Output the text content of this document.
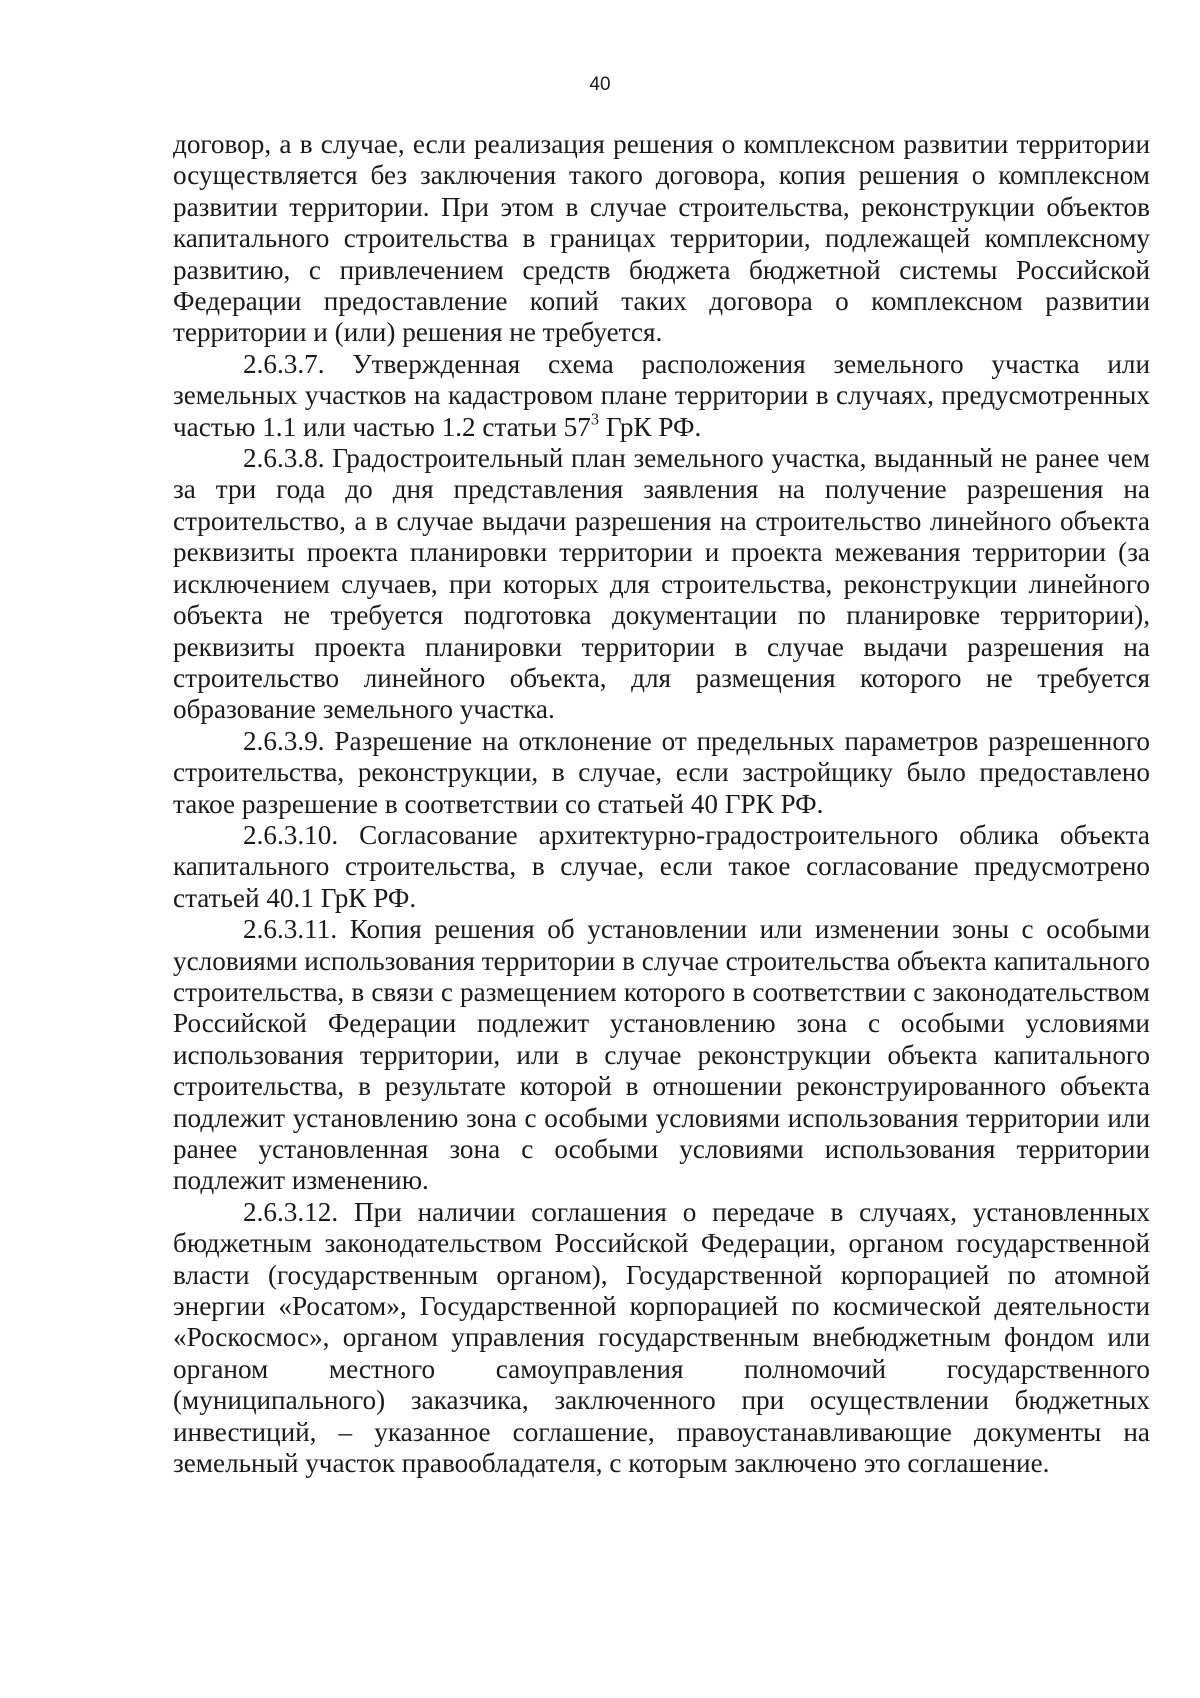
40

договор, а в случае, если реализация решения о комплексном развитии территории осуществляется без заключения такого договора, копия решения о комплексном развитии территории. При этом в случае строительства, реконструкции объектов капитального строительства в границах территории, подлежащей комплексному развитию, с привлечением средств бюджета бюджетной системы Российской Федерации предоставление копий таких договора о комплексном развитии территории и (или) решения не требуется.

2.6.3.7. Утвержденная схема расположения земельного участка или земельных участков на кадастровом плане территории в случаях, предусмотренных частью 1.1 или частью 1.2 статьи $57^3$ ГрК РФ.

2.6.3.8. Градостроительный план земельного участка, выданный не ранее чем за три года до дня представления заявления на получение разрешения на строительство, а в случае выдачи разрешения на строительство линейного объекта реквизиты проекта планировки территории и проекта межевания территории (за исключением случаев, при которых для строительства, реконструкции линейного объекта не требуется подготовка документации по планировке территории), реквизиты проекта планировки территории в случае выдачи разрешения на строительство линейного объекта, для размещения которого не требуется образование земельного участка.

2.6.3.9. Разрешение на отклонение от предельных параметров разрешенного строительства, реконструкции, в случае, если застройщику было предоставлено такое разрешение в соответствии со статьей 40 ГРК РФ.

2.6.3.10. Согласование архитектурно-градостроительного облика объекта капитального строительства, в случае, если такое согласование предусмотрено статьей 40.1 ГрК РФ.

2.6.3.11. Копия решения об установлении или изменении зоны с особыми условиями использования территории в случае строительства объекта капитального строительства, в связи с размещением которого в соответствии с законодательством Российской Федерации подлежит установлению зона с особыми условиями использования территории, или в случае реконструкции объекта капитального строительства, в результате которой в отношении реконструированного объекта подлежит установлению зона с особыми условиями использования территории или ранее установленная зона с особыми условиями использования территории подлежит изменению.

2.6.3.12. При наличии соглашения о передаче в случаях, установленных бюджетным законодательством Российской Федерации, органом государственной власти (государственным органом), Государственной корпорацией по атомной энергии «Росатом», Государственной корпорацией по космической деятельности «Роскосмос», органом управления государственным внебюджетным фондом или органом местного самоуправления полномочий государственного (муниципального) заказчика, заключенного при осуществлении бюджетных инвестиций, – указанное соглашение, правоустанавливающие документы на земельный участок правообладателя, с которым заключено это соглашение.
